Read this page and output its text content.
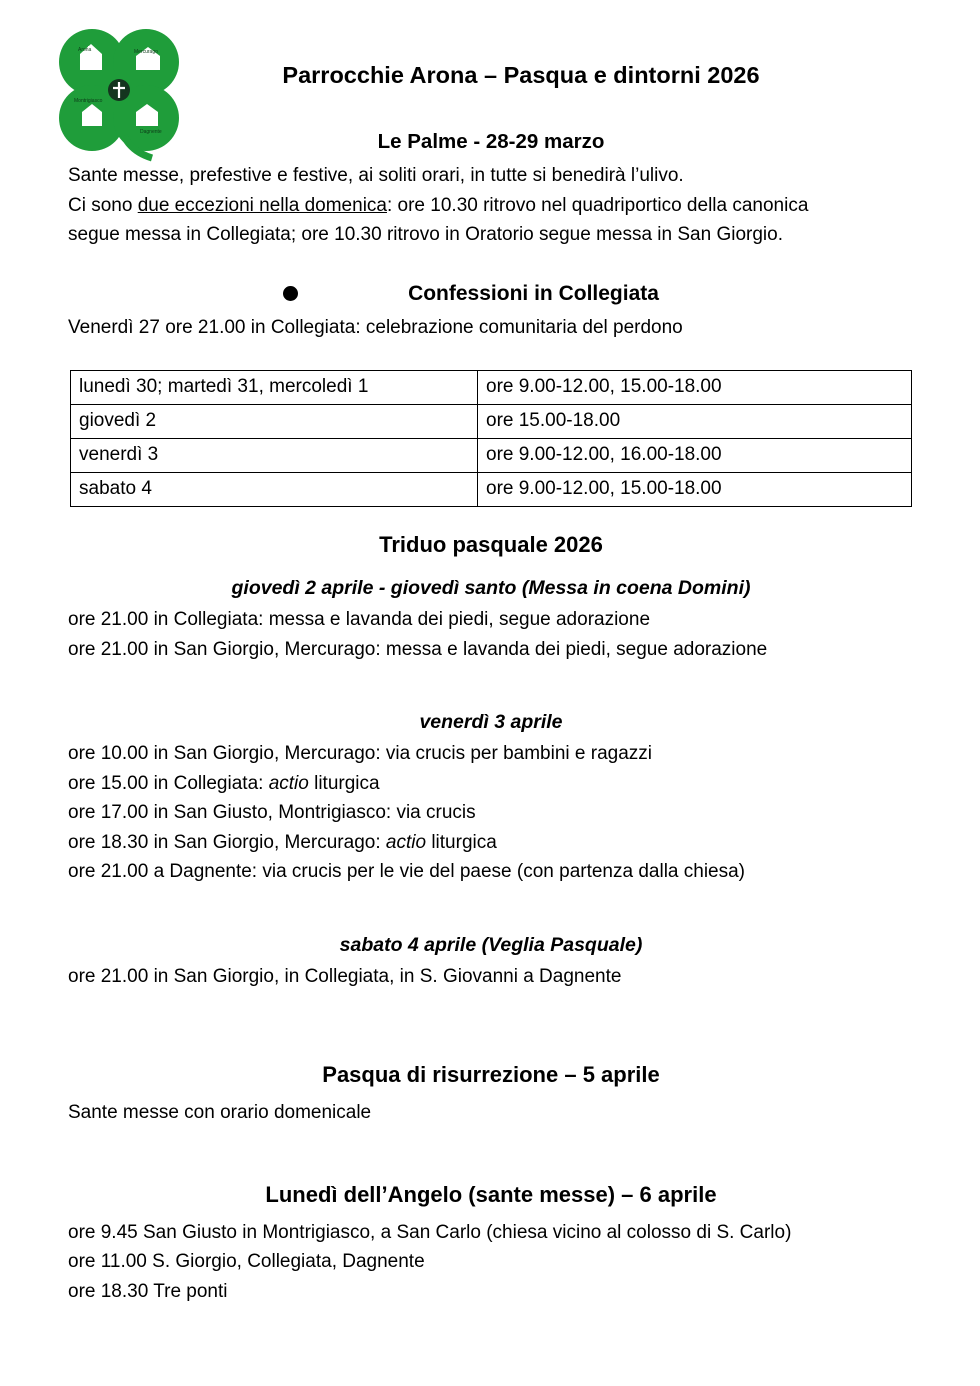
Arona	Mercurago
Montrigiasco
Dagnente
Parrocchie Arona – Pasqua e dintorni 2026
Le Palme - 28-29 marzo

Sante messe, prefestive e festive, ai soliti orari, in tutte si benedirà l’ulivo.

Ci sono due eccezioni nella domenica: ore 10.30 ritrovo nel quadriportico della canonica

segue messa in Collegiata; ore 10.30 ritrovo in Oratorio segue messa in San Giorgio.

Confessioni in Collegiata

Venerdì 27 ore 21.00 in Collegiata: celebrazione comunitaria del perdono

lunedì 30; martedì 31, mercoledì 1	ore 9.00-12.00, 15.00-18.00
giovedì 2	ore 15.00-18.00
venerdì 3	ore 9.00-12.00, 16.00-18.00
sabato 4	ore 9.00-12.00, 15.00-18.00
Triduo pasquale 2026
giovedì 2 aprile - giovedì santo (Messa in coena Domini)

ore 21.00 in Collegiata: messa e lavanda dei piedi, segue adorazione

ore 21.00 in San Giorgio, Mercurago: messa e lavanda dei piedi, segue adorazione

venerdì 3 aprile

ore 10.00 in San Giorgio, Mercurago: via crucis per bambini e ragazzi

ore 15.00 in Collegiata: actio liturgica

ore 17.00 in San Giusto, Montrigiasco: via crucis

ore 18.30 in San Giorgio, Mercurago: actio liturgica

ore 21.00 a Dagnente: via crucis per le vie del paese (con partenza dalla chiesa)

sabato 4 aprile (Veglia Pasquale)

ore 21.00 in San Giorgio, in Collegiata, in S. Giovanni a Dagnente

Pasqua di risurrezione – 5 aprile

Sante messe con orario domenicale

Lunedì dell’Angelo (sante messe) – 6 aprile

ore 9.45 San Giusto in Montrigiasco, a San Carlo (chiesa vicino al colosso di S. Carlo)

ore 11.00 S. Giorgio, Collegiata, Dagnente

ore 18.30 Tre ponti
